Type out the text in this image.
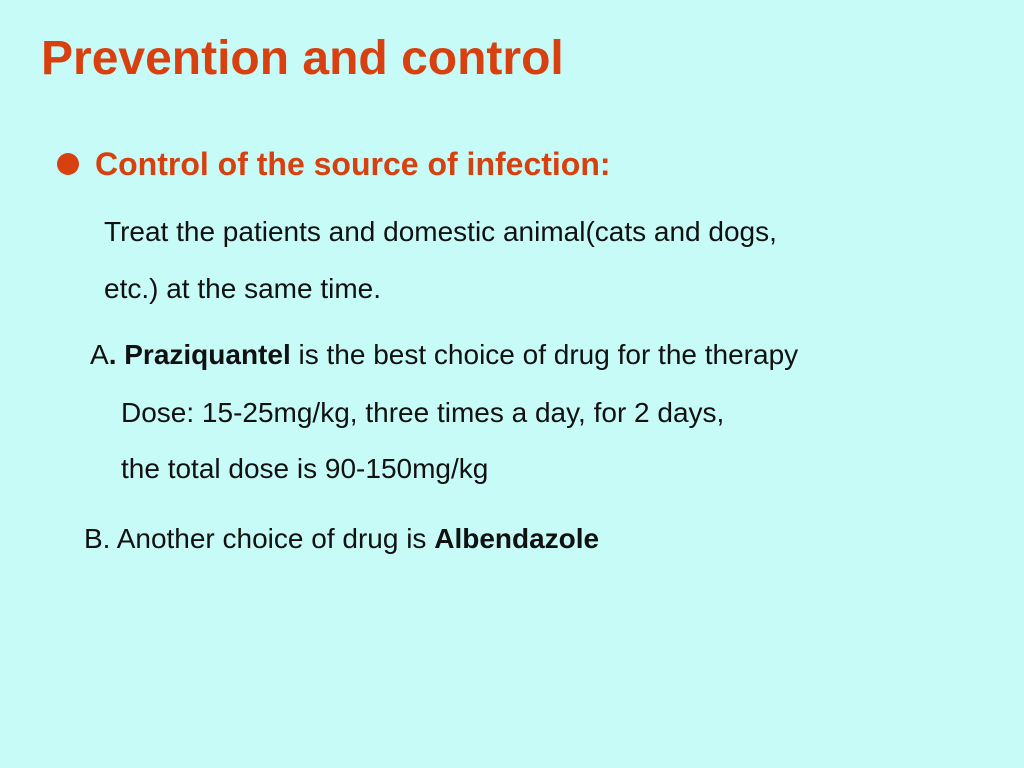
Prevention and control
Control of the source of infection:

Treat the patients and domestic animal(cats and dogs,

etc.) at the same time.

A. Praziquantel is the best choice of drug for the therapy

Dose: 15-25mg/kg, three times a day, for 2 days,

the total dose is 90-150mg/kg

B. Another choice of drug is Albendazole
